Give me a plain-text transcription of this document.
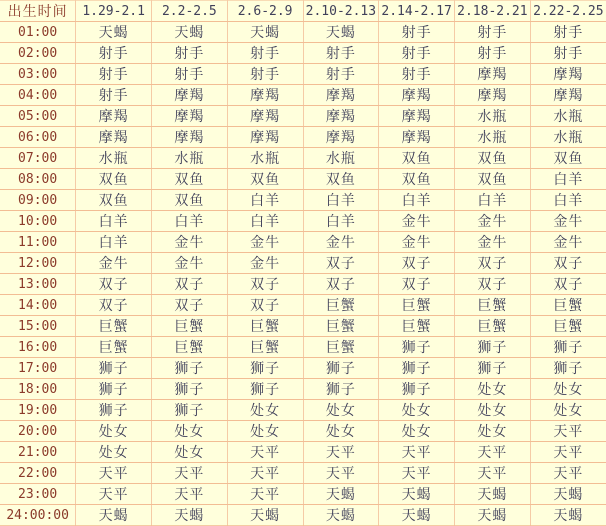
出生时间	1.29-2.1	2.2-2.5	2.6-2.9	2.10-2.13	2.14-2.17	2.18-2.21	2.22-2.25
01:00	天蝎	天蝎	天蝎	天蝎	射手	射手	射手
02:00	射手	射手	射手	射手	射手	射手	射手
03:00	射手	射手	射手	射手	射手	摩羯	摩羯
04:00	射手	摩羯	摩羯	摩羯	摩羯	摩羯	摩羯
05:00	摩羯	摩羯	摩羯	摩羯	摩羯	水瓶	水瓶
06:00	摩羯	摩羯	摩羯	摩羯	摩羯	水瓶	水瓶
07:00	水瓶	水瓶	水瓶	水瓶	双鱼	双鱼	双鱼
08:00	双鱼	双鱼	双鱼	双鱼	双鱼	双鱼	白羊
09:00	双鱼	双鱼	白羊	白羊	白羊	白羊	白羊
10:00	白羊	白羊	白羊	白羊	金牛	金牛	金牛
11:00	白羊	金牛	金牛	金牛	金牛	金牛	金牛
12:00	金牛	金牛	金牛	双子	双子	双子	双子
13:00	双子	双子	双子	双子	双子	双子	双子
14:00	双子	双子	双子	巨蟹	巨蟹	巨蟹	巨蟹
15:00	巨蟹	巨蟹	巨蟹	巨蟹	巨蟹	巨蟹	巨蟹
16:00	巨蟹	巨蟹	巨蟹	巨蟹	狮子	狮子	狮子
17:00	狮子	狮子	狮子	狮子	狮子	狮子	狮子
18:00	狮子	狮子	狮子	狮子	狮子	处女	处女
19:00	狮子	狮子	处女	处女	处女	处女	处女
20:00	处女	处女	处女	处女	处女	处女	天平
21:00	处女	处女	天平	天平	天平	天平	天平
22:00	天平	天平	天平	天平	天平	天平	天平
23:00	天平	天平	天平	天蝎	天蝎	天蝎	天蝎
24:00:00	天蝎	天蝎	天蝎	天蝎	天蝎	天蝎	天蝎
